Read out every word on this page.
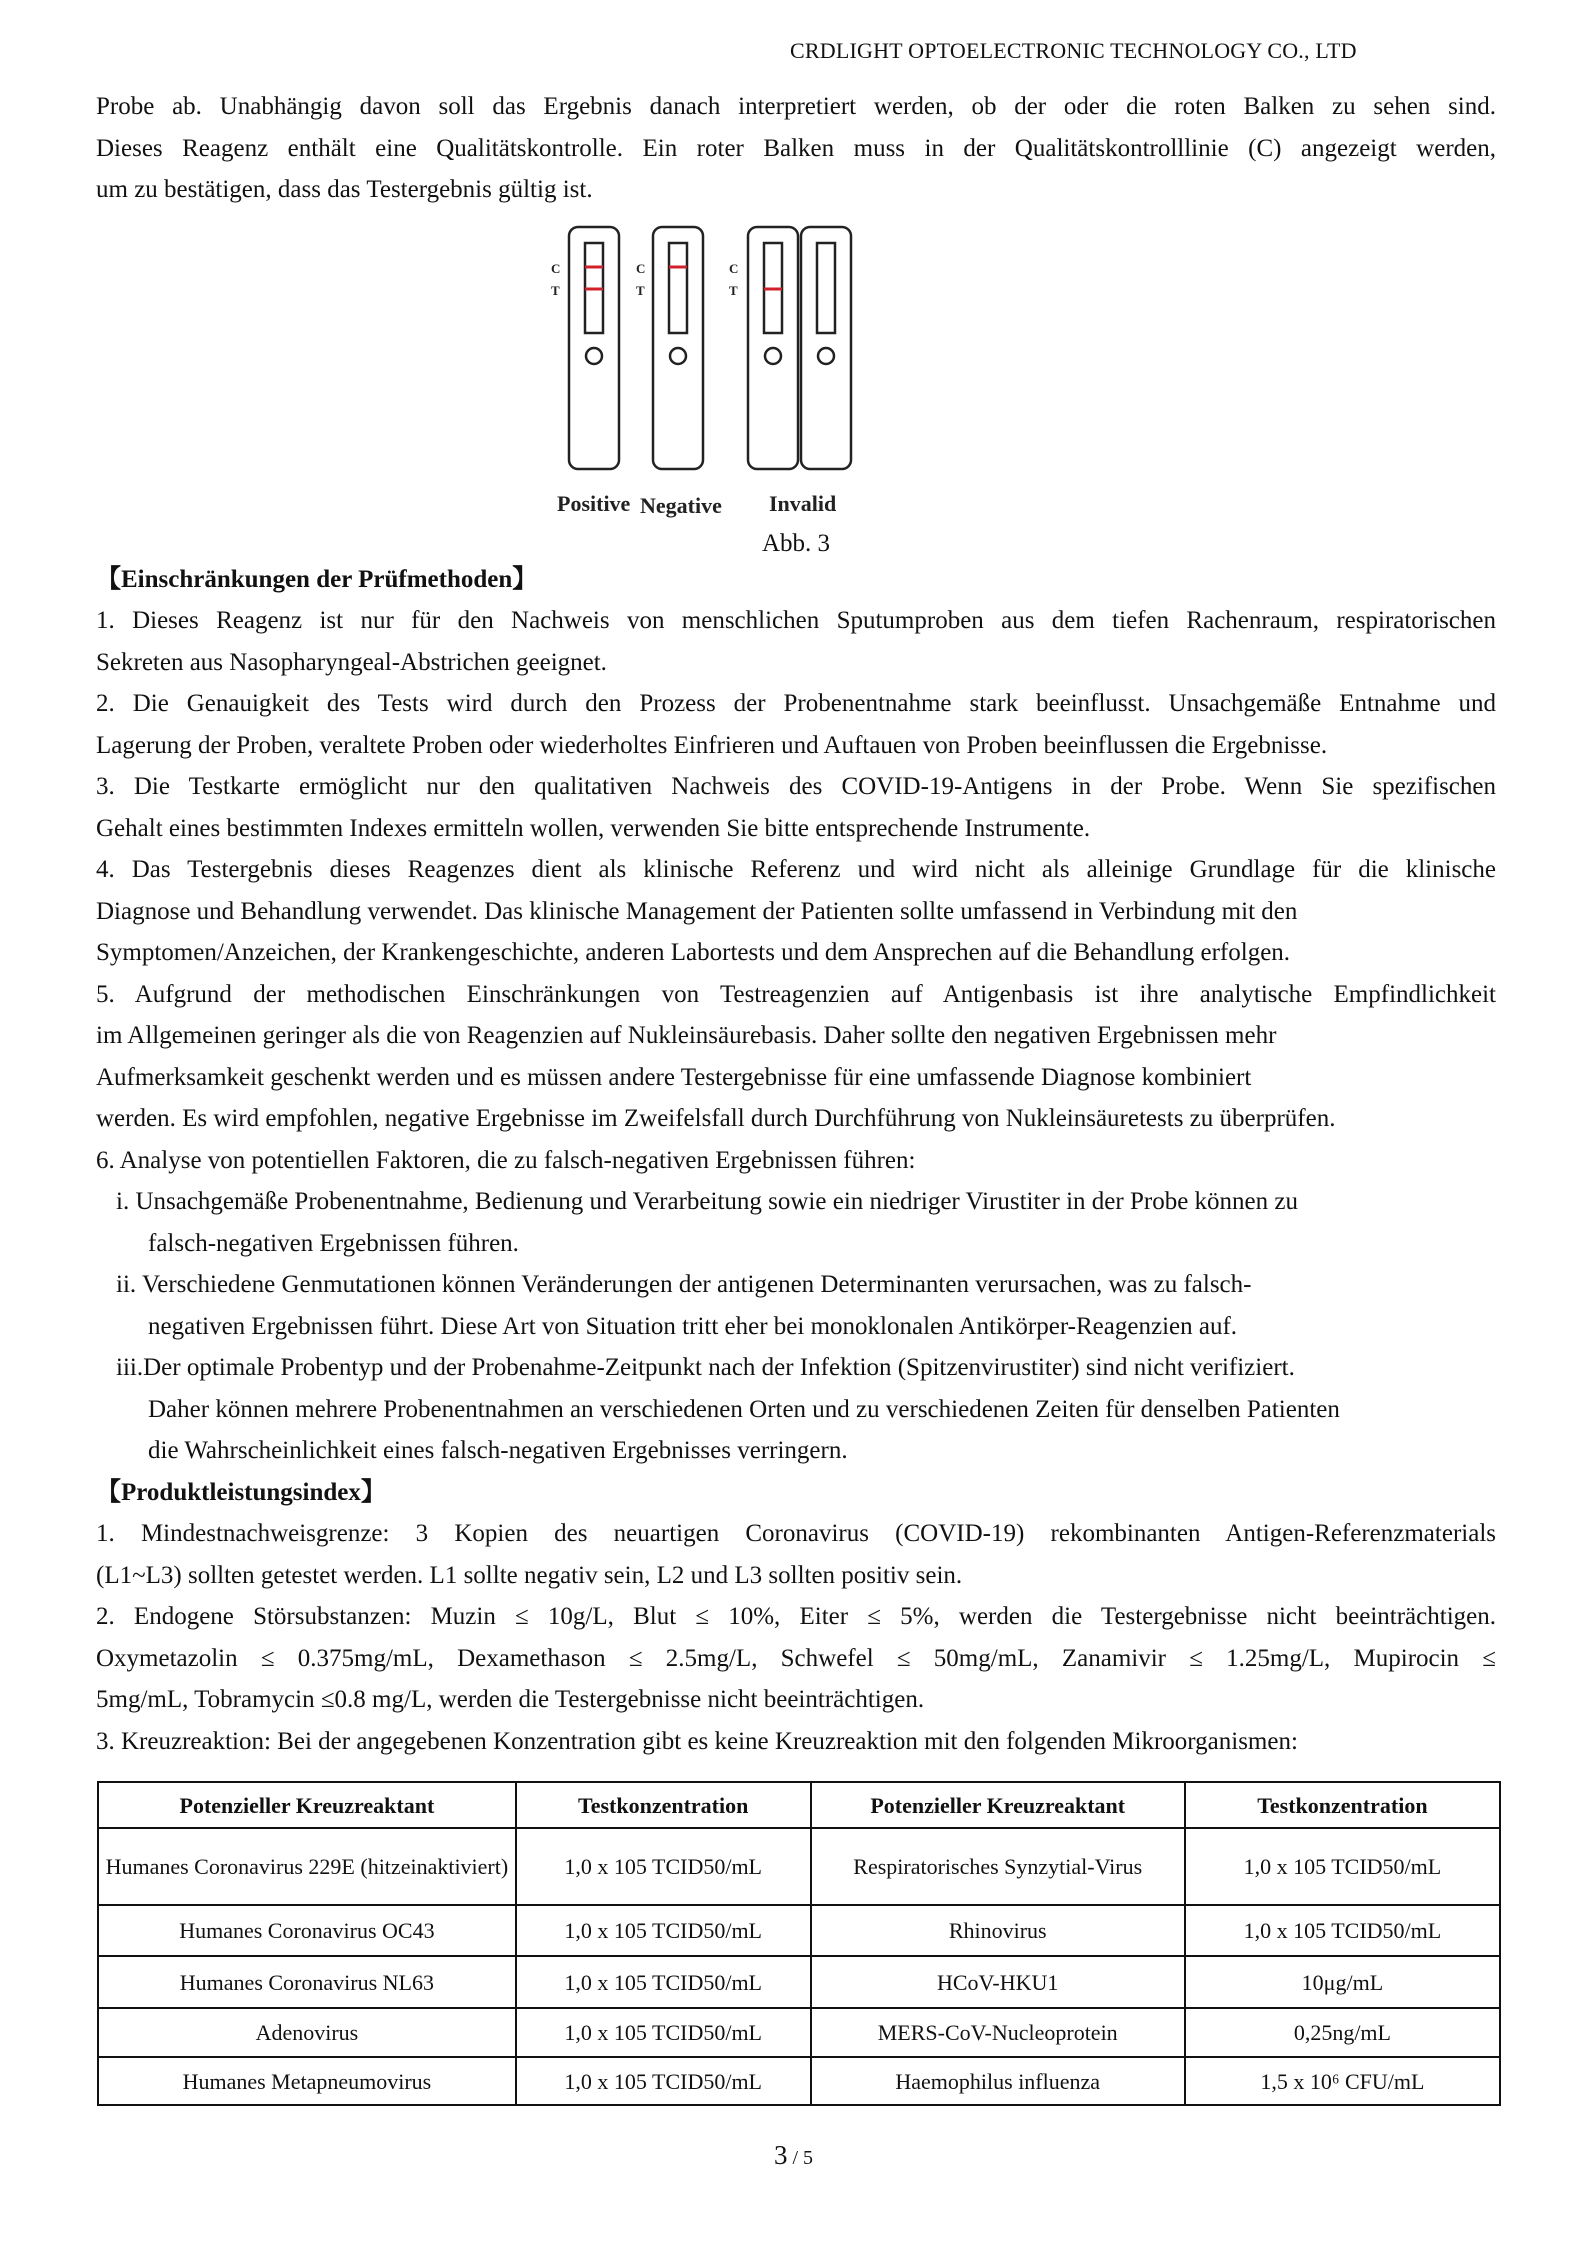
CRDLIGHT OPTOELECTRONIC TECHNOLOGY CO., LTD

Probe ab. Unabhängig davon soll das Ergebnis danach interpretiert werden, ob der oder die roten Balken zu sehen sind.

Dieses Reagenz enthält eine Qualitätskontrolle. Ein roter Balken muss in der Qualitätskontrolllinie (C) angezeigt werden,

um zu bestätigen, dass das Testergebnis gültig ist.

C
T
C
T
C
T
Positive Negative Invalid
Abb. 3

【Einschränkungen der Prüfmethoden】

1. Dieses Reagenz ist nur für den Nachweis von menschlichen Sputumproben aus dem tiefen Rachenraum, respiratorischen

Sekreten aus Nasopharyngeal-Abstrichen geeignet.

2. Die Genauigkeit des Tests wird durch den Prozess der Probenentnahme stark beeinflusst. Unsachgemäße Entnahme und

Lagerung der Proben, veraltete Proben oder wiederholtes Einfrieren und Auftauen von Proben beeinflussen die Ergebnisse.

3. Die Testkarte ermöglicht nur den qualitativen Nachweis des COVID-19-Antigens in der Probe. Wenn Sie spezifischen

Gehalt eines bestimmten Indexes ermitteln wollen, verwenden Sie bitte entsprechende Instrumente.

4. Das Testergebnis dieses Reagenzes dient als klinische Referenz und wird nicht als alleinige Grundlage für die klinische

Diagnose und Behandlung verwendet. Das klinische Management der Patienten sollte umfassend in Verbindung mit den

Symptomen/Anzeichen, der Krankengeschichte, anderen Labortests und dem Ansprechen auf die Behandlung erfolgen.

5. Aufgrund der methodischen Einschränkungen von Testreagenzien auf Antigenbasis ist ihre analytische Empfindlichkeit

im Allgemeinen geringer als die von Reagenzien auf Nukleinsäurebasis. Daher sollte den negativen Ergebnissen mehr

Aufmerksamkeit geschenkt werden und es müssen andere Testergebnisse für eine umfassende Diagnose kombiniert

werden. Es wird empfohlen, negative Ergebnisse im Zweifelsfall durch Durchführung von Nukleinsäuretests zu überprüfen.

6. Analyse von potentiellen Faktoren, die zu falsch-negativen Ergebnissen führen:

i. Unsachgemäße Probenentnahme, Bedienung und Verarbeitung sowie ein niedriger Virustiter in der Probe können zu

falsch-negativen Ergebnissen führen.

ii. Verschiedene Genmutationen können Veränderungen der antigenen Determinanten verursachen, was zu falsch-

negativen Ergebnissen führt. Diese Art von Situation tritt eher bei monoklonalen Antikörper-Reagenzien auf.

iii.Der optimale Probentyp und der Probenahme-Zeitpunkt nach der Infektion (Spitzenvirustiter) sind nicht verifiziert.

Daher können mehrere Probenentnahmen an verschiedenen Orten und zu verschiedenen Zeiten für denselben Patienten

die Wahrscheinlichkeit eines falsch-negativen Ergebnisses verringern.

【Produktleistungsindex】

1. Mindestnachweisgrenze: 3 Kopien des neuartigen Coronavirus (COVID-19) rekombinanten Antigen-Referenzmaterials

(L1~L3) sollten getestet werden. L1 sollte negativ sein, L2 und L3 sollten positiv sein.

2. Endogene Störsubstanzen: Muzin ≤ 10g/L, Blut ≤ 10%, Eiter ≤ 5%, werden die Testergebnisse nicht beeinträchtigen.

Oxymetazolin ≤ 0.375mg/mL, Dexamethason ≤ 2.5mg/L, Schwefel ≤ 50mg/mL, Zanamivir ≤ 1.25mg/L, Mupirocin ≤

5mg/mL, Tobramycin ≤0.8 mg/L, werden die Testergebnisse nicht beeinträchtigen.

3. Kreuzreaktion: Bei der angegebenen Konzentration gibt es keine Kreuzreaktion mit den folgenden Mikroorganismen:

Potenzieller Kreuzreaktant	Testkonzentration	Potenzieller Kreuzreaktant	Testkonzentration
Humanes Coronavirus 229E (hitzeinaktiviert)	1,0 x 105 TCID50/mL	Respiratorisches Synzytial-Virus	1,0 x 105 TCID50/mL
Humanes Coronavirus OC43	1,0 x 105 TCID50/mL	Rhinovirus	1,0 x 105 TCID50/mL
Humanes Coronavirus NL63	1,0 x 105 TCID50/mL	HCoV-HKU1	10μg/mL
Adenovirus	1,0 x 105 TCID50/mL	MERS-CoV-Nucleoprotein	0,25ng/mL
Humanes Metapneumovirus	1,0 x 105 TCID50/mL	Haemophilus influenza	1,5 x 10⁶ CFU/mL
3 / 5
